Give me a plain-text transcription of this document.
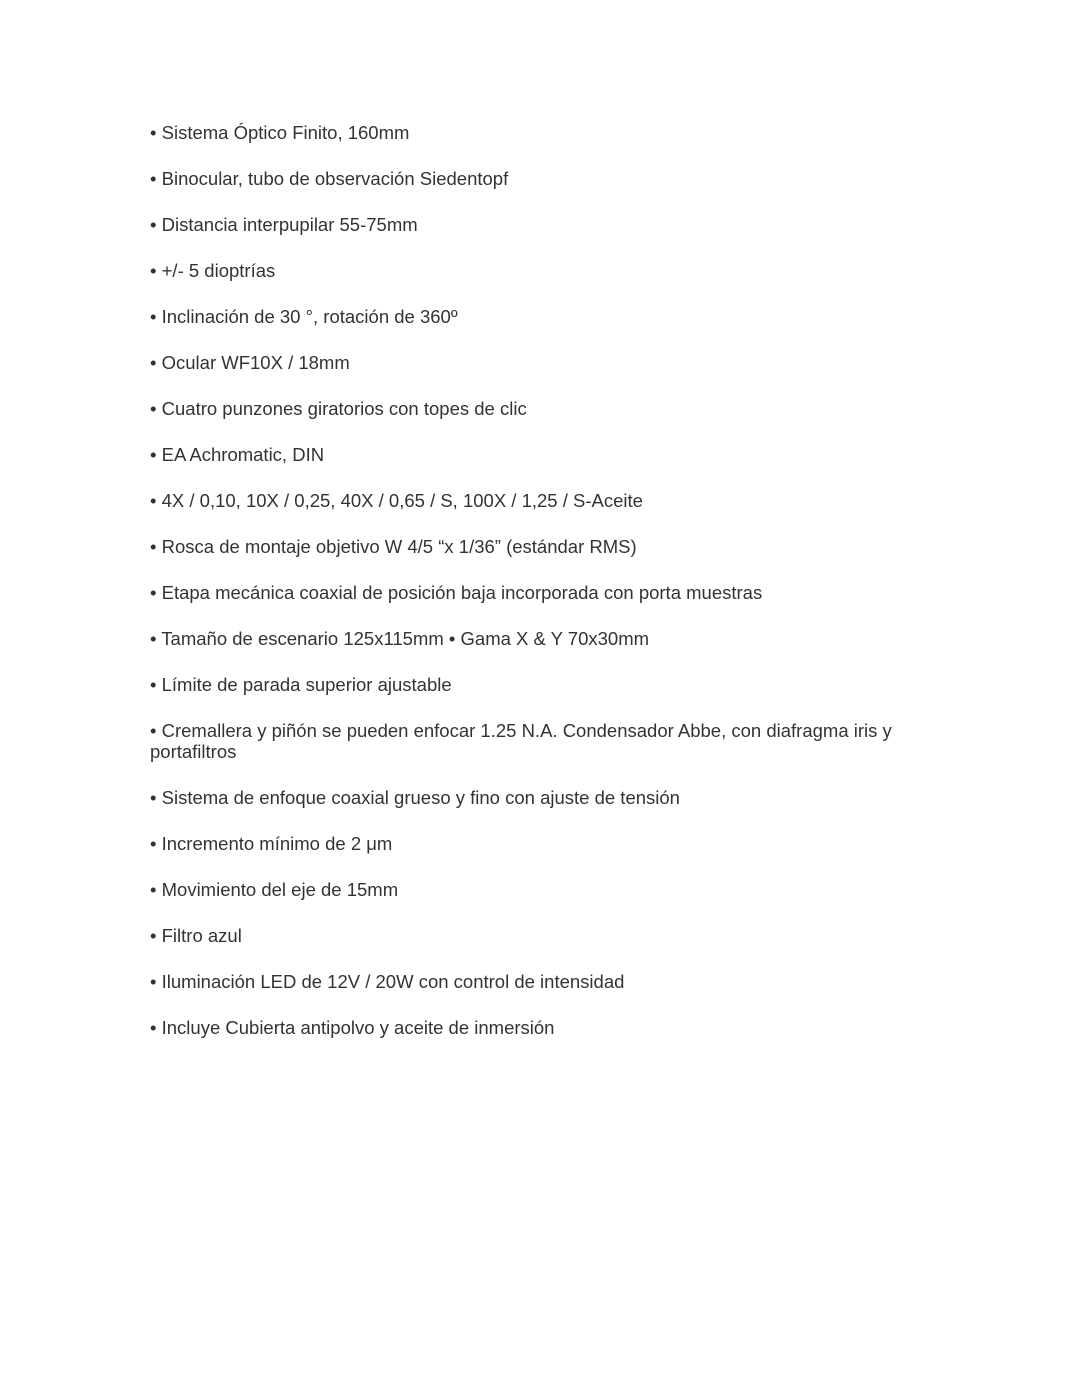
• Sistema Óptico Finito, 160mm
• Binocular, tubo de observación Siedentopf
• Distancia interpupilar 55-75mm
• +/- 5 dioptrías
• Inclinación de 30 °, rotación de 360º
• Ocular WF10X / 18mm
• Cuatro punzones giratorios con topes de clic
• EA Achromatic, DIN
• 4X / 0,10, 10X / 0,25, 40X / 0,65 / S, 100X / 1,25 / S-Aceite
• Rosca de montaje objetivo W 4/5 “x 1/36” (estándar RMS)
• Etapa mecánica coaxial de posición baja incorporada con porta muestras
• Tamaño de escenario 125x115mm • Gama X & Y 70x30mm
• Límite de parada superior ajustable
• Cremallera y piñón se pueden enfocar 1.25 N.A. Condensador Abbe, con diafragma iris y portafiltros
• Sistema de enfoque coaxial grueso y fino con ajuste de tensión
• Incremento mínimo de 2 μm
• Movimiento del eje de 15mm
• Filtro azul
• Iluminación LED de 12V / 20W con control de intensidad
• Incluye Cubierta antipolvo y aceite de inmersión
